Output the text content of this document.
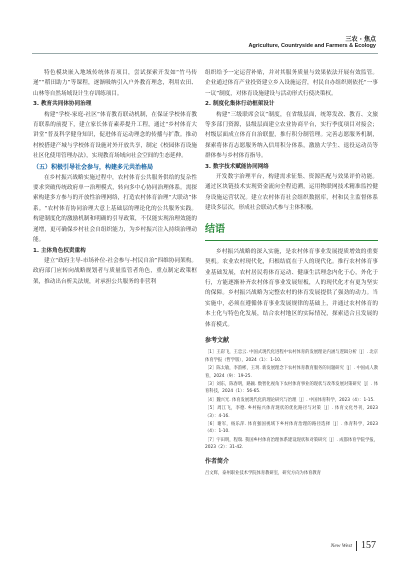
三农 · 焦点
Agriculture, Countryside and Farmers & Ecology

特色模块嵌入地域传统体育项目，尝试探索开发如“竹马传递”“稻田助力”等课程，逐渐吸纳引入户外教育理念，利用农田、山林等自然场域设计生存训练项目。

3. 教育共同体协同治理

构建“学校-家庭-社区”体育教育联动机制，在保证学校体育教育联系的前提下，建立家长体育素养提升工程，通过“乡村体育大讲堂”普及科学健身知识，促进体育运动理念的传播与扩散。推动村校搭建产城与学校体育设施对外开放共享，制定《校园体育设施社区化使用管理办法》，实现教育场域向社会空间的生态延伸。

（五）积极引导社会参与，构建多元共治格局

在乡村振兴战略实施过程中，农村体育公共服务供给的复杂性要求突破传统政府单一治理模式，转向多中心协同治理体系。需探索构建多方参与的开放性治理网络，打造农村体育治理“大联动”体系。“农村体育协同治理大意上基础层的理论化的公共服务实践。构建制度化的激励机制和明确的引导政策，不仅能实现治理效能的递增，更可确保乡村社会自组织能力，为乡村振兴注入持续治理动能。

1. 主体角色权责重构

建立“政府主导-市场补位-社会参与-村民自治”四维协同架构。政府部门应转向战略规划者与质量监管者角色，重点制定政策框架，推动出台析关法规，对承担公共服务的非营利

组织给予一定运营补贴，并对其服务质量与效果依法开展有效监管。企业通过体育产业投资建立乡入设施运营，村民自办组织则依托“一事一议”制度，对体育设施建设与活动形式行使决策权。

2. 制度化集体行动框架设计

构建“三级联席会议”制度，在省级层面，统筹发改、教育、文旅等多部门资源，县级层面建立农业协商平台，实行季度项目对接会；村级层面成立体育自治联盟，推行积分制管理。完善志愿服务机制，探索将体育志愿服务纳入信用积分体系，激励大学生、退役运动员等群体参与乡村体育指导。

3. 数字技术赋能协同网络

开发数字治理平台，构建需求征集、资源匹配与效果评价功能。通过区块链技术实现资金流向全程追溯，运用物联网技术精准监控健身设施运营状况。建立农村体育社会组织数据库，村和民主监督体系建设多层次，形成社会联动式参与主体积极。

结语

乡村振兴战略的深入实施，是农村体育事业发展提质增效的重要契机。农业农村现代化，归根结底在于人的现代化。推行农村体育事业基础发展，农村居民将体育运动、健康生活理念内化于心，外化于行，方能逐渐补齐农村体育事业发展短板，人的现代化才有更为坚实的保障。乡村振兴战略为完整农村的体育发展提供了强劲的动力。当实施中，必须在遵循体育事业发展规律的基础上，并通过农村体育的本土化与特色化发展，结合农村地区的实际情况，探索适合且发展的体育模式。

参考文献

［1］王彩飞，王忠云. 中国式现代化进程中农村体育的发展理论内涵与逻辑分析［J］. 北京体育学报（哲学版），2024（1）：1-10.

［2］陈太敏，李韵彬，王玥. 新发展理念下农村体育教育服务的问题研究［J］. 中国成人教育，2024（9）：19-25.

［3］刘东，陈春明，路颖. 数智化视角下农村体育事业的现状与改革发展对策研究［J］. 体育科技，2024（1）：56-65.

［4］魏兴光. 体育发展现代化的理论研究与治理［J］. 中国体育科学，2023（4）：1-15.

［5］周江飞，李德. 乡村振兴体育现状的优化路径与对策［J］. 体育文化导刊，2023（3）：4-16.

［6］谢军，杨乐萍. 体育强国视域下乡村体育治理的路径选择［J］. 体育科学，2023（4）：1-10.

［7］宇田明，程瑞. 我国乡村体育治理体系建设现状和对策研究［J］. 成都体育学院学报，2023（2）：31-42.

作者简介
吕文辉，泰州职业技术学院体育教研室，研究方向为体育教育
New West 157
